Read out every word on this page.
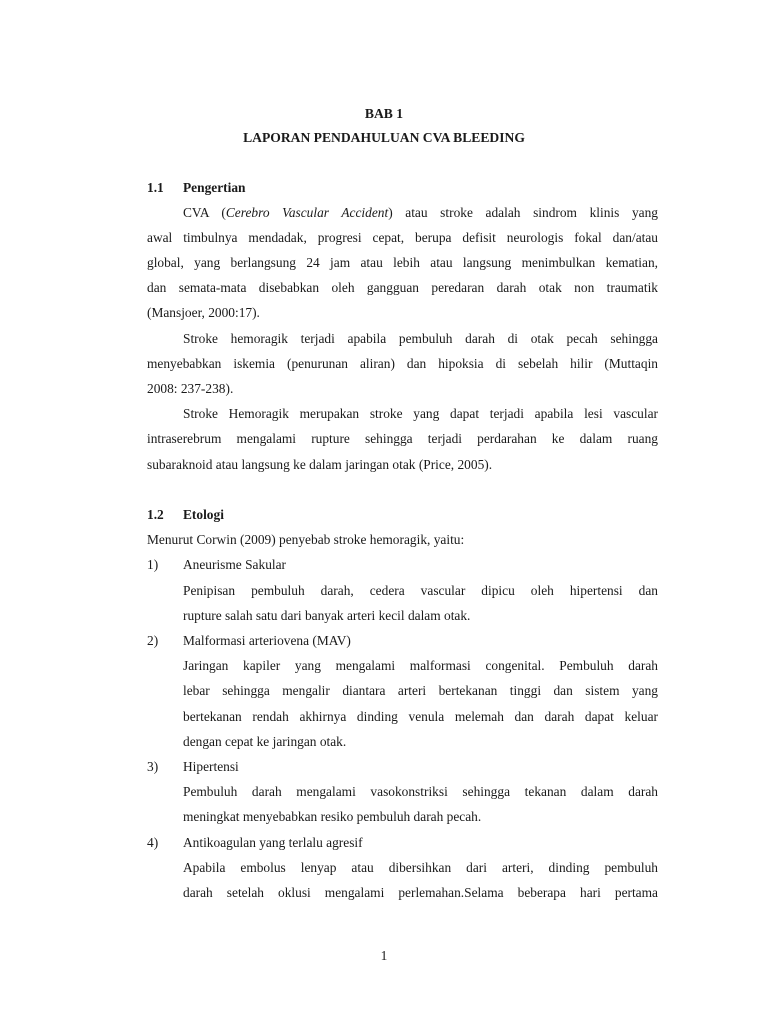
BAB 1
LAPORAN PENDAHULUAN CVA BLEEDING
1.1 Pengertian
CVA (Cerebro Vascular Accident) atau stroke adalah sindrom klinis yang
awal timbulnya mendadak, progresi cepat, berupa defisit neurologis fokal dan/atau
global, yang berlangsung 24 jam atau lebih atau langsung menimbulkan kematian,
dan semata-mata disebabkan oleh gangguan peredaran darah otak non traumatik
(Mansjoer, 2000:17).
Stroke hemoragik terjadi apabila pembuluh darah di otak pecah sehingga
menyebabkan iskemia (penurunan aliran) dan hipoksia di sebelah hilir (Muttaqin
2008: 237-238).
Stroke Hemoragik merupakan stroke yang dapat terjadi apabila lesi vascular
intraserebrum mengalami rupture sehingga terjadi perdarahan ke dalam ruang
subaraknoid atau langsung ke dalam jaringan otak (Price, 2005).
1.2 Etologi
Menurut Corwin (2009) penyebab stroke hemoragik, yaitu:
1) Aneurisme Sakular
Penipisan pembuluh darah, cedera vascular dipicu oleh hipertensi dan
rupture salah satu dari banyak arteri kecil dalam otak.
2) Malformasi arteriovena (MAV)
Jaringan kapiler yang mengalami malformasi congenital. Pembuluh darah
lebar sehingga mengalir diantara arteri bertekanan tinggi dan sistem yang
bertekanan rendah akhirnya dinding venula melemah dan darah dapat keluar
dengan cepat ke jaringan otak.
3) Hipertensi
Pembuluh darah mengalami vasokonstriksi sehingga tekanan dalam darah
meningkat menyebabkan resiko pembuluh darah pecah.
4) Antikoagulan yang terlalu agresif
Apabila embolus lenyap atau dibersihkan dari arteri, dinding pembuluh
darah setelah oklusi mengalami perlemahan.Selama beberapa hari pertama
1
